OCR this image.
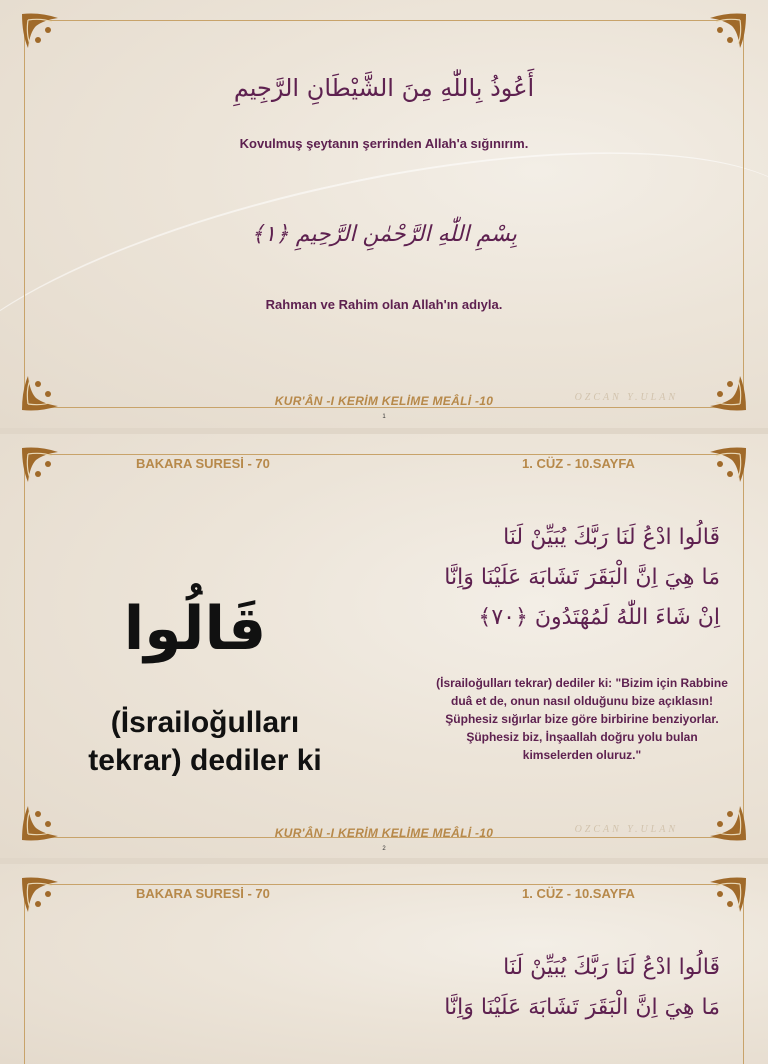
أَعُوذُ بِاللّٰهِ مِنَ الشَّيْطَانِ الرَّجِيمِ
Kovulmuş şeytanın şerrinden Allah'a sığınırım.
بِسْمِ اللّٰهِ الرَّحْمٰنِ الرَّحِيمِ ﴿١﴾
Rahman ve Rahim olan Allah'ın adıyla.
KUR'ÂN -I KERİM KELİME MEÂLİ -10	OZCAN Y.ULAN
1
BAKARA SURESİ - 70	1. CÜZ - 10.SAYFA
قَالُوا ادْعُ لَنَا رَبَّكَ يُبَيِّنْ لَنَا
مَا هِيَ اِنَّ الْبَقَرَ تَشَابَهَ عَلَيْنَا وَاِنَّا
اِنْ شَاءَ اللّٰهُ لَمُهْتَدُونَ ﴿٧٠﴾
قَالُوا
(İsrailoğulları tekrar) dediler ki
(İsrailoğulları tekrar) dediler ki: "Bizim için Rabbine duâ et de, onun nasıl olduğunu bize açıklasın! Şüphesiz sığırlar bize göre birbirine benziyorlar. Şüphesiz biz, İnşaallah doğru yolu bulan kimselerden oluruz."
KUR'ÂN -I KERİM KELİME MEÂLİ -10	OZCAN Y.ULAN
2
BAKARA SURESİ - 70	1. CÜZ - 10.SAYFA
قَالُوا ادْعُ لَنَا رَبَّكَ يُبَيِّنْ لَنَا
مَا هِيَ اِنَّ الْبَقَرَ تَشَابَهَ عَلَيْنَا وَاِنَّا
